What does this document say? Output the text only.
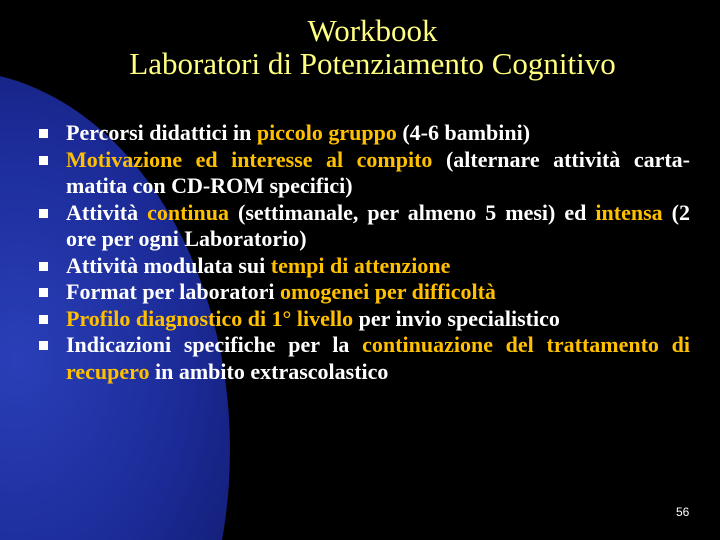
Workbook
Laboratori di Potenziamento Cognitivo
Percorsi didattici in piccolo gruppo (4-6 bambini)
Motivazione ed interesse al compito (alternare attività carta-matita con CD-ROM specifici)
Attività continua (settimanale, per almeno 5 mesi) ed intensa (2 ore per ogni Laboratorio)
Attività modulata sui tempi di attenzione
Format per laboratori omogenei per difficoltà
Profilo diagnostico di 1° livello per invio specialistico
Indicazioni specifiche per la continuazione del trattamento di recupero in ambito extrascolastico
56
